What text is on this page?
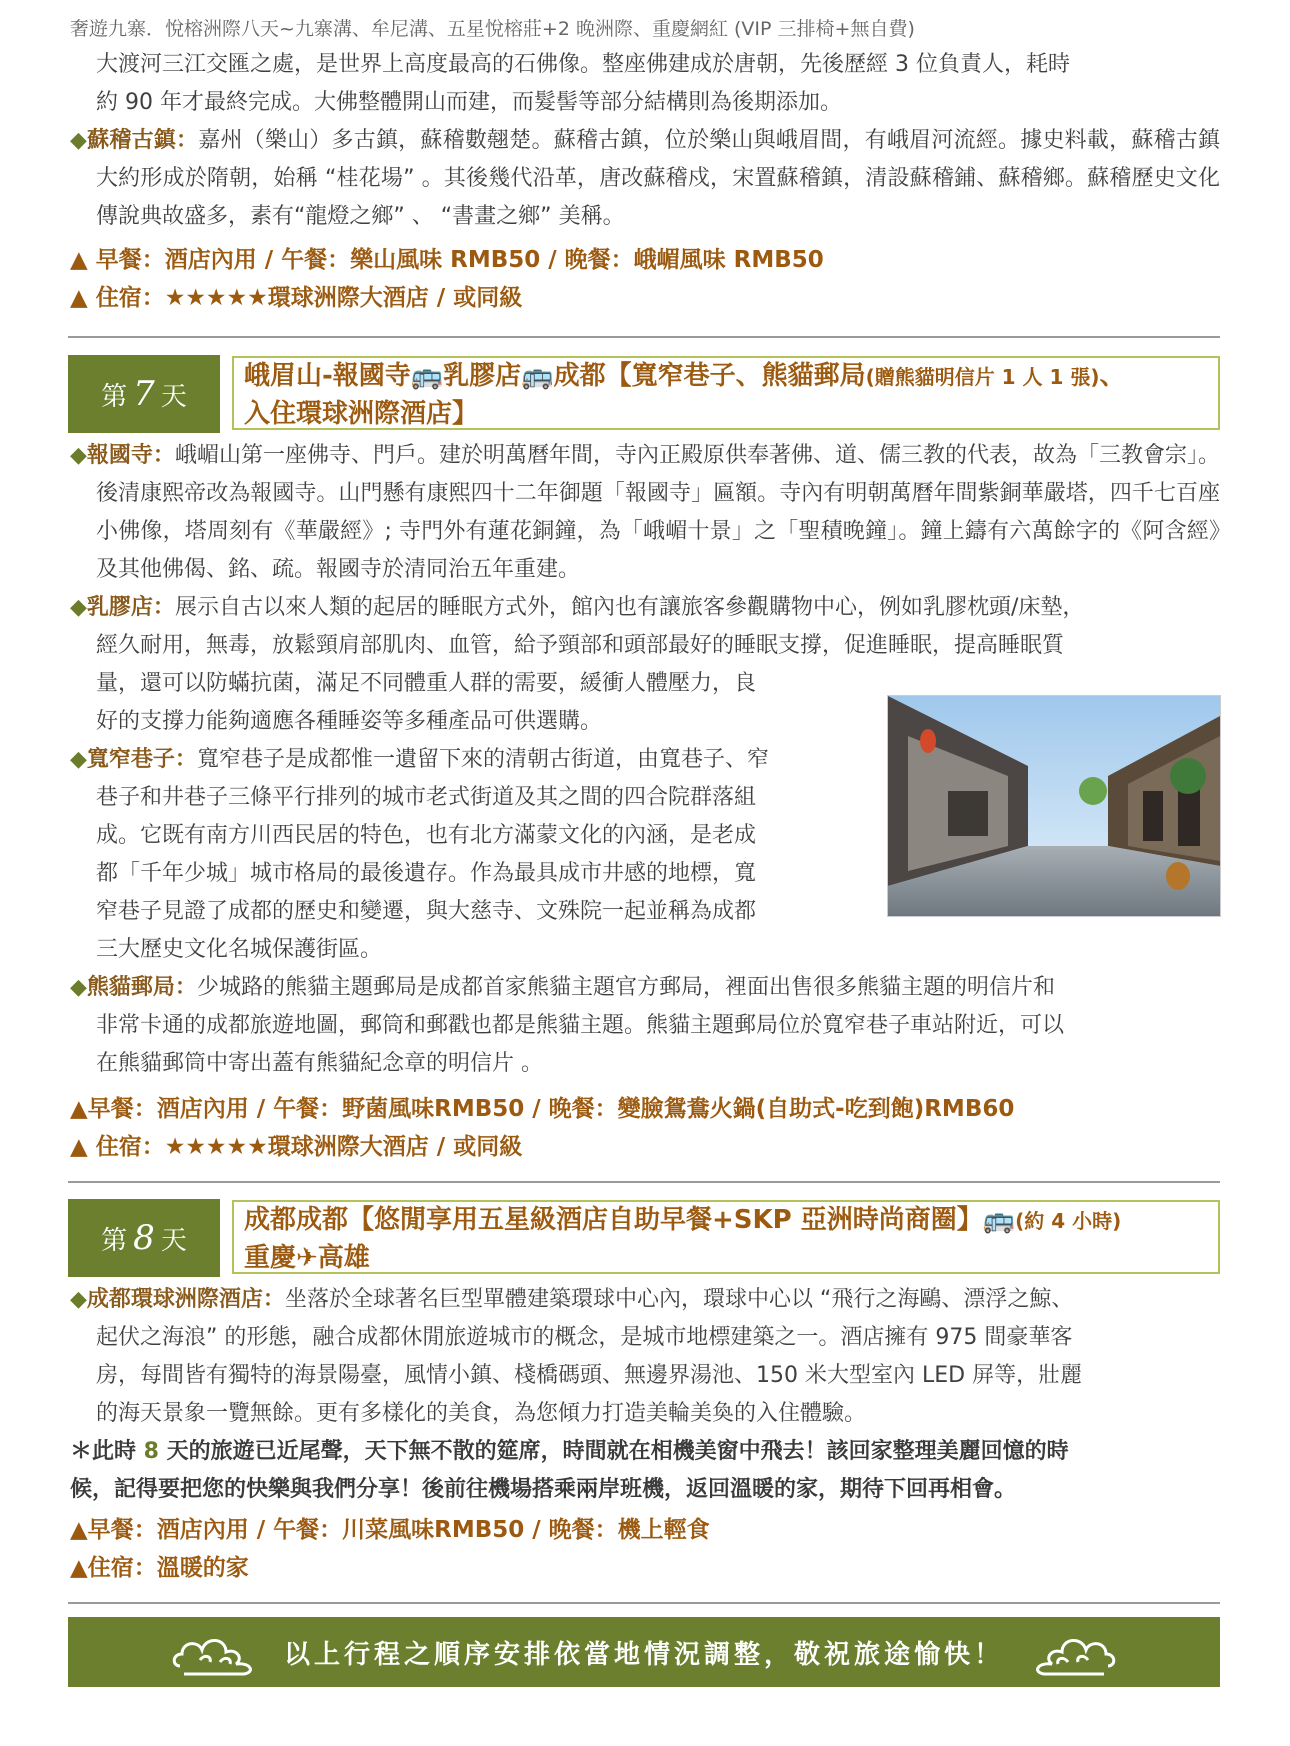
奢遊九寨．悅榕洲際八天~九寨溝、牟尼溝、五星悅榕莊+2 晚洲際、重慶網紅 (VIP 三排椅+無自費)

大渡河三江交匯之處，是世界上高度最高的石佛像。整座佛建成於唐朝，先後歷經 3 位負責人，耗時

約 90 年才最終完成。大佛整體開山而建，而髮髻等部分結構則為後期添加。

◆蘇稽古鎮：嘉州（樂山）多古鎮，蘇稽數翹楚。蘇稽古鎮，位於樂山與峨眉間，有峨眉河流經。據史料載，蘇稽古鎮大約形成於隋朝，始稱 “桂花場” 。其後幾代沿革，唐改蘇稽戍，宋置蘇稽鎮，清設蘇稽鋪、蘇稽鄉。蘇稽歷史文化傳說典故盛多，素有“龍燈之鄉” 、 “書畫之鄉” 美稱。

▲ 早餐：酒店內用 / 午餐：樂山風味 RMB50 / 晚餐：峨嵋風味 RMB50
▲ 住宿：★★★★★環球洲際大酒店 / 或同級
第 7 天
峨眉山-報國寺🚌乳膠店🚌成都【寬窄巷子、熊貓郵局(贈熊貓明信片 1 人 1 張)、
入住環球洲際酒店】

◆報國寺：峨嵋山第一座佛寺、門戶。建於明萬曆年間，寺內正殿原供奉著佛、道、儒三教的代表，故為「三教會宗」。後清康熙帝改為報國寺。山門懸有康熙四十二年御題「報國寺」匾額。寺內有明朝萬曆年間紫銅華嚴塔，四千七百座小佛像，塔周刻有《華嚴經》; 寺門外有蓮花銅鐘，為「峨嵋十景」之「聖積晚鐘」。鐘上鑄有六萬餘字的《阿含經》及其他佛偈、銘、疏。報國寺於清同治五年重建。

◆乳膠店：展示自古以來人類的起居的睡眠方式外，館內也有讓旅客參觀購物中心，例如乳膠枕頭/床墊，

經久耐用，無毒，放鬆頸肩部肌肉、血管，給予頸部和頭部最好的睡眠支撐，促進睡眠，提高睡眠質

量，還可以防蟎抗菌，滿足不同體重人群的需要，緩衝人體壓力，良

好的支撐力能夠適應各種睡姿等多種產品可供選購。

◆寬窄巷子：寬窄巷子是成都惟一遺留下來的清朝古街道，由寬巷子、窄

巷子和井巷子三條平行排列的城市老式街道及其之間的四合院群落組

成。它既有南方川西民居的特色，也有北方滿蒙文化的內涵，是老成

都「千年少城」城市格局的最後遺存。作為最具成市井感的地標，寬

窄巷子見證了成都的歷史和變遷，與大慈寺、文殊院一起並稱為成都

三大歷史文化名城保護街區。

◆熊貓郵局：少城路的熊貓主題郵局是成都首家熊貓主題官方郵局，裡面出售很多熊貓主題的明信片和

非常卡通的成都旅遊地圖，郵筒和郵戳也都是熊貓主題。熊貓主題郵局位於寬窄巷子車站附近，可以

在熊貓郵筒中寄出蓋有熊貓紀念章的明信片 。

▲早餐：酒店內用 / 午餐：野菌風味RMB50 / 晚餐：變臉鴛鴦火鍋(自助式-吃到飽)RMB60
▲ 住宿：★★★★★環球洲際大酒店 / 或同級
第 8 天
成都成都【悠閒享用五星級酒店自助早餐+SKP 亞洲時尚商圈】🚌(約 4 小時)
重慶✈高雄

◆成都環球洲際酒店：坐落於全球著名巨型單體建築環球中心內，環球中心以 “飛行之海鷗、漂浮之鯨、

起伏之海浪” 的形態，融合成都休閒旅遊城市的概念，是城市地標建築之一。酒店擁有 975 間豪華客

房，每間皆有獨特的海景陽臺，風情小鎮、棧橋碼頭、無邊界湯池、150 米大型室內 LED 屏等，壯麗

的海天景象一覽無餘。更有多樣化的美食，為您傾力打造美輪美奐的入住體驗。

＊此時 8 天的旅遊已近尾聲，天下無不散的筵席，時間就在相機美窗中飛去！該回家整理美麗回憶的時

候，記得要把您的快樂與我們分享！後前往機場搭乘兩岸班機，返回溫暖的家，期待下回再相會。

▲早餐：酒店內用 / 午餐：川菜風味RMB50 / 晚餐：機上輕食
▲住宿：溫暖的家
以上行程之順序安排依當地情況調整，敬祝旅途愉快！
